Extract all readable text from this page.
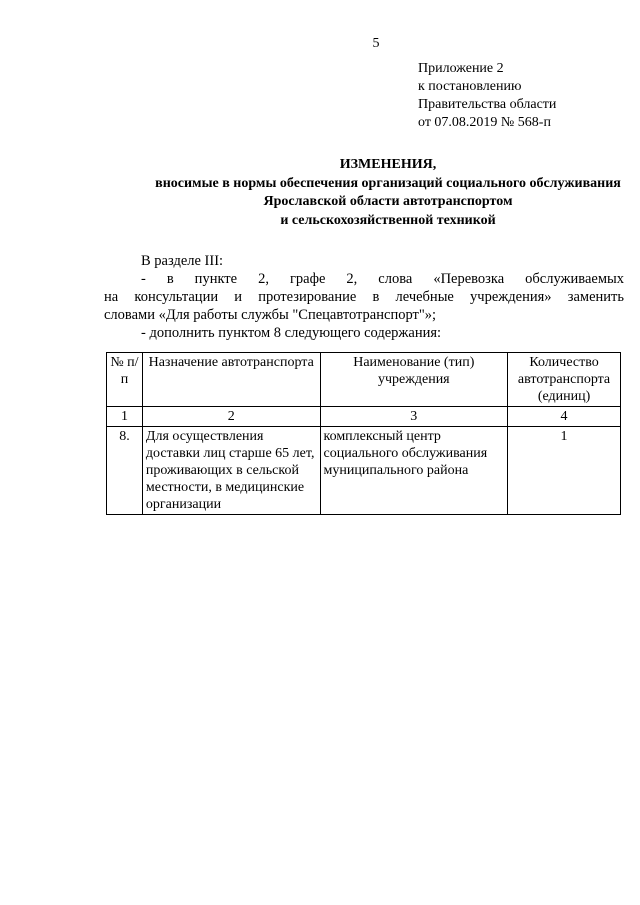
5
Приложение 2
к постановлению
Правительства области
от 07.08.2019 № 568-п
ИЗМЕНЕНИЯ,
вносимые в нормы обеспечения организаций социального обслуживания
Ярославской области автотранспортом
и сельскохозяйственной техникой

В разделе III:

- в пункте 2, графе 2, слова «Перевозка обслуживаемых

на консультации и протезирование в лечебные учреждения» заменить

словами «Для работы службы "Спецавтотранспорт"»;

- дополнить пунктом 8 следующего содержания:

№ п/п	Назначение автотранспорта	Наименование (тип) учреждения	Количество автотранспорта (единиц)
1	2	3	4
8.	Для осуществления доставки лиц старше 65 лет, проживающих в сельской местности, в медицинские организации	комплексный центр социального обслуживания муниципального района	1
